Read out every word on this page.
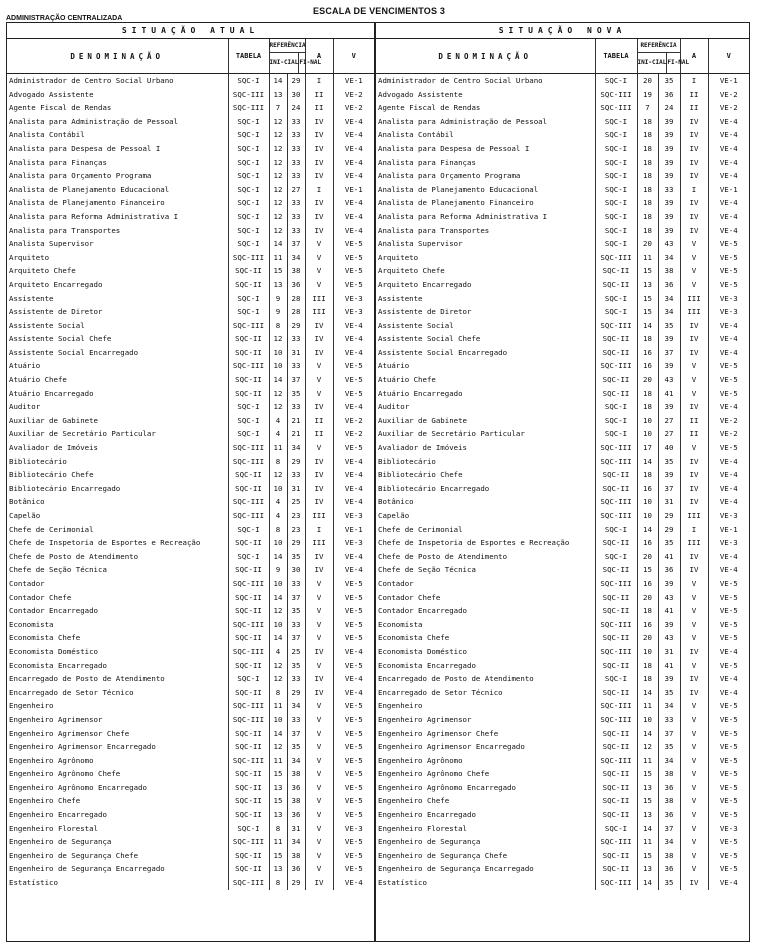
ESCALA DE VENCIMENTOS 3
ADMINISTRAÇÃO CENTRALIZADA
SITUAÇÃO ATUAL					
DENOMINAÇÃO	TABELA	REFERÊNCIA
INI-CIAL FI-NAL		A	V
Administrador de Centro Social Urbano	SQC-I	14	29	I	VE-1
Advogado Assistente	SQC-III	13	30	II	VE-2
Agente Fiscal de Rendas	SQC-III	7	24	II	VE-2
Analista para Administração de Pessoal	SQC-I	12	33	IV	VE-4
Analista Contábil	SQC-I	12	33	IV	VE-4
Analista para Despesa de Pessoal I	SQC-I	12	33	IV	VE-4
Analista para Finanças	SQC-I	12	33	IV	VE-4
Analista para Orçamento Programa	SQC-I	12	33	IV	VE-4
Analista de Planejamento Educacional	SQC-I	12	27	I	VE-1
Analista de Planejamento Financeiro	SQC-I	12	33	IV	VE-4
Analista para Reforma Administrativa I	SQC-I	12	33	IV	VE-4
Analista para Transportes	SQC-I	12	33	IV	VE-4
Analista Supervisor	SQC-I	14	37	V	VE-5
Arquiteto	SQC-III	11	34	V	VE-5
Arquiteto Chefe	SQC-II	15	38	V	VE-5
Arquiteto Encarregado	SQC-II	13	36	V	VE-5
Assistente	SQC-I	9	28	III	VE-3
Assistente de Diretor	SQC-I	9	28	III	VE-3
Assistente Social	SQC-III	8	29	IV	VE-4
Assistente Social Chefe	SQC-II	12	33	IV	VE-4
Assistente Social Encarregado	SQC-II	10	31	IV	VE-4
Atuário	SQC-III	10	33	V	VE-5
Atuário Chefe	SQC-II	14	37	V	VE-5
Atuário Encarregado	SQC-II	12	35	V	VE-5
Auditor	SQC-I	12	33	IV	VE-4
Auxiliar de Gabinete	SQC-I	4	21	II	VE-2
Auxiliar de Secretário Particular	SQC-I	4	21	II	VE-2
Avaliador de Imóveis	SQC-III	11	34	V	VE-5
Bibliotecário	SQC-III	8	29	IV	VE-4
Bibliotecário Chefe	SQC-II	12	33	IV	VE-4
Bibliotecário Encarregado	SQC-II	10	31	IV	VE-4
Botânico	SQC-III	4	25	IV	VE-4
Capelão	SQC-III	4	23	III	VE-3
Chefe de Cerimonial	SQC-I	8	23	I	VE-1
Chefe de Inspetoria de Esportes e Recreação	SQC-II	10	29	III	VE-3
Chefe de Posto de Atendimento	SQC-I	14	35	IV	VE-4
Chefe de Seção Técnica	SQC-II	9	30	IV	VE-4
Contador	SQC-III	10	33	V	VE-5
Contador Chefe	SQC-II	14	37	V	VE-5
Contador Encarregado	SQC-II	12	35	V	VE-5
Economista	SQC-III	10	33	V	VE-5
Economista Chefe	SQC-II	14	37	V	VE-5
Economista Doméstico	SQC-III	4	25	IV	VE-4
Economista Encarregado	SQC-II	12	35	V	VE-5
Encarregado de Posto de Atendimento	SQC-I	12	33	IV	VE-4
Encarregado de Setor Técnico	SQC-II	8	29	IV	VE-4
Engenheiro	SQC-III	11	34	V	VE-5
Engenheiro Agrimensor	SQC-III	10	33	V	VE-5
Engenheiro Agrimensor Chefe	SQC-II	14	37	V	VE-5
Engenheiro Agrimensor Encarregado	SQC-II	12	35	V	VE-5
Engenheiro Agrônomo	SQC-III	11	34	V	VE-5
Engenheiro Agrônomo Chefe	SQC-II	15	38	V	VE-5
Engenheiro Agrônomo Encarregado	SQC-II	13	36	V	VE-5
Engenheiro Chefe	SQC-II	15	38	V	VE-5
Engenheiro Encarregado	SQC-II	13	36	V	VE-5
Engenheiro Florestal	SQC-I	8	31	V	VE-3
Engenheiro de Segurança	SQC-III	11	34	V	VE-5
Engenheiro de Segurança Chefe	SQC-II	15	38	V	VE-5
Engenheiro de Segurança Encarregado	SQC-II	13	36	V	VE-5
Estatístico	SQC-III	8	29	IV	VE-4
SITUAÇÃO NOVA					
DENOMINAÇÃO	TABELA	REFERÊNCIA
INI-CIAL FI-NAL		A	V
Administrador de Centro Social Urbano	SQC-I	20	35	I	VE-1
Advogado Assistente	SQC-III	19	36	II	VE-2
Agente Fiscal de Rendas	SQC-III	7	24	II	VE-2
Analista para Administração de Pessoal	SQC-I	18	39	IV	VE-4
Analista Contábil	SQC-I	18	39	IV	VE-4
Analista para Despesa de Pessoal I	SQC-I	18	39	IV	VE-4
Analista para Finanças	SQC-I	18	39	IV	VE-4
Analista para Orçamento Programa	SQC-I	18	39	IV	VE-4
Analista de Planejamento Educacional	SQC-I	18	33	I	VE-1
Analista de Planejamento Financeiro	SQC-I	18	39	IV	VE-4
Analista para Reforma Administrativa I	SQC-I	18	39	IV	VE-4
Analista para Transportes	SQC-I	18	39	IV	VE-4
Analista Supervisor	SQC-I	20	43	V	VE-5
Arquiteto	SQC-III	11	34	V	VE-5
Arquiteto Chefe	SQC-II	15	38	V	VE-5
Arquiteto Encarregado	SQC-II	13	36	V	VE-5
Assistente	SQC-I	15	34	III	VE-3
Assistente de Diretor	SQC-I	15	34	III	VE-3
Assistente Social	SQC-III	14	35	IV	VE-4
Assistente Social Chefe	SQC-II	18	39	IV	VE-4
Assistente Social Encarregado	SQC-II	16	37	IV	VE-4
Atuário	SQC-III	16	39	V	VE-5
Atuário Chefe	SQC-II	20	43	V	VE-5
Atuário Encarregado	SQC-II	18	41	V	VE-5
Auditor	SQC-I	18	39	IV	VE-4
Auxiliar de Gabinete	SQC-I	10	27	II	VE-2
Auxiliar de Secretário Particular	SQC-I	10	27	II	VE-2
Avaliador de Imóveis	SQC-III	17	40	V	VE-5
Bibliotecário	SQC-III	14	35	IV	VE-4
Bibliotecário Chefe	SQC-II	18	39	IV	VE-4
Bibliotecário Encarregado	SQC-II	16	37	IV	VE-4
Botânico	SQC-III	10	31	IV	VE-4
Capelão	SQC-III	10	29	III	VE-3
Chefe de Cerimonial	SQC-I	14	29	I	VE-1
Chefe de Inspetoria de Esportes e Recreação	SQC-II	16	35	III	VE-3
Chefe de Posto de Atendimento	SQC-I	20	41	IV	VE-4
Chefe de Seção Técnica	SQC-II	15	36	IV	VE-4
Contador	SQC-III	16	39	V	VE-5
Contador Chefe	SQC-II	20	43	V	VE-5
Contador Encarregado	SQC-II	18	41	V	VE-5
Economista	SQC-III	16	39	V	VE-5
Economista Chefe	SQC-II	20	43	V	VE-5
Economista Doméstico	SQC-III	10	31	IV	VE-4
Economista Encarregado	SQC-II	18	41	V	VE-5
Encarregado de Posto de Atendimento	SQC-I	18	39	IV	VE-4
Encarregado de Setor Técnico	SQC-II	14	35	IV	VE-4
Engenheiro	SQC-III	11	34	V	VE-5
Engenheiro Agrimensor	SQC-III	10	33	V	VE-5
Engenheiro Agrimensor Chefe	SQC-II	14	37	V	VE-5
Engenheiro Agrimensor Encarregado	SQC-II	12	35	V	VE-5
Engenheiro Agrônomo	SQC-III	11	34	V	VE-5
Engenheiro Agrônomo Chefe	SQC-II	15	38	V	VE-5
Engenheiro Agrônomo Encarregado	SQC-II	13	36	V	VE-5
Engenheiro Chefe	SQC-II	15	38	V	VE-5
Engenheiro Encarregado	SQC-II	13	36	V	VE-5
Engenheiro Florestal	SQC-I	14	37	V	VE-3
Engenheiro de Segurança	SQC-III	11	34	V	VE-5
Engenheiro de Segurança Chefe	SQC-II	15	38	V	VE-5
Engenheiro de Segurança Encarregado	SQC-II	13	36	V	VE-5
Estatístico	SQC-III	14	35	IV	VE-4
